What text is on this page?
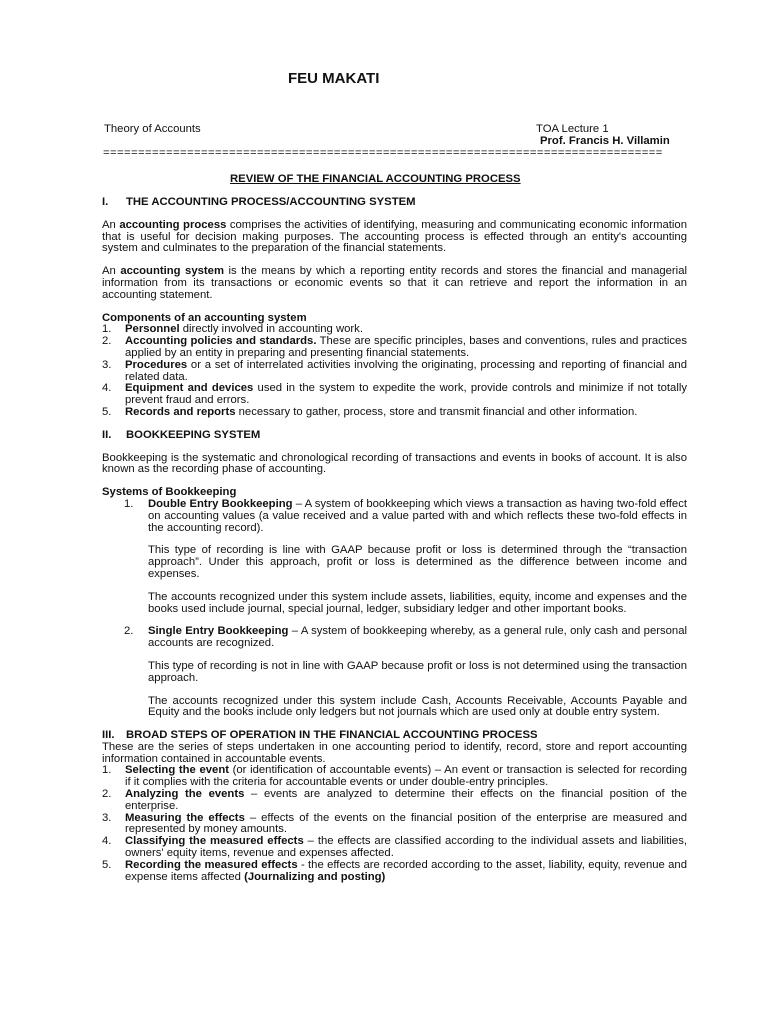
FEU MAKATI
Theory of Accounts	TOA Lecture 1
Prof. Francis H. Villamin
================================================================================
REVIEW OF THE FINANCIAL ACCOUNTING PROCESS
I. THE ACCOUNTING PROCESS/ACCOUNTING SYSTEM

An accounting process comprises the activities of identifying, measuring and communicating economic information that is useful for decision making purposes. The accounting process is effected through an entity's accounting system and culminates to the preparation of the financial statements.

An accounting system is the means by which a reporting entity records and stores the financial and managerial information from its transactions or economic events so that it can retrieve and report the information in an accounting statement.

Components of an accounting system

1.	Personnel directly involved in accounting work.
2.	Accounting policies and standards. These are specific principles, bases and conventions, rules and practices applied by an entity in preparing and presenting financial statements.
3.	Procedures or a set of interrelated activities involving the originating, processing and reporting of financial and related data.
4.	Equipment and devices used in the system to expedite the work, provide controls and minimize if not totally prevent fraud and errors.
5.	Records and reports necessary to gather, process, store and transmit financial and other information.
II. BOOKKEEPING SYSTEM

Bookkeeping is the systematic and chronological recording of transactions and events in books of account. It is also known as the recording phase of accounting.

Systems of Bookkeeping

1.	Double Entry Bookkeeping – A system of bookkeeping which views a transaction as having two-fold effect on accounting values (a value received and a value parted with and which reflects these two-fold effects in the accounting record).

This type of recording is line with GAAP because profit or loss is determined through the “transaction approach”. Under this approach, profit or loss is determined as the difference between income and expenses.

The accounts recognized under this system include assets, liabilities, equity, income and expenses and the books used include journal, special journal, ledger, subsidiary ledger and other important books.

2.	Single Entry Bookkeeping – A system of bookkeeping whereby, as a general rule, only cash and personal accounts are recognized.

This type of recording is not in line with GAAP because profit or loss is not determined using the transaction approach.

The accounts recognized under this system include Cash, Accounts Receivable, Accounts Payable and Equity and the books include only ledgers but not journals which are used only at double entry system.

III. BROAD STEPS OF OPERATION IN THE FINANCIAL ACCOUNTING PROCESS

These are the series of steps undertaken in one accounting period to identify, record, store and report accounting information contained in accountable events.

1.	Selecting the event (or identification of accountable events) – An event or transaction is selected for recording if it complies with the criteria for accountable events or under double-entry principles.
2.	Analyzing the events – events are analyzed to determine their effects on the financial position of the enterprise.
3.	Measuring the effects – effects of the events on the financial position of the enterprise are measured and represented by money amounts.
4.	Classifying the measured effects – the effects are classified according to the individual assets and liabilities, owners' equity items, revenue and expenses affected.
5.	Recording the measured effects - the effects are recorded according to the asset, liability, equity, revenue and expense items affected (Journalizing and posting)
